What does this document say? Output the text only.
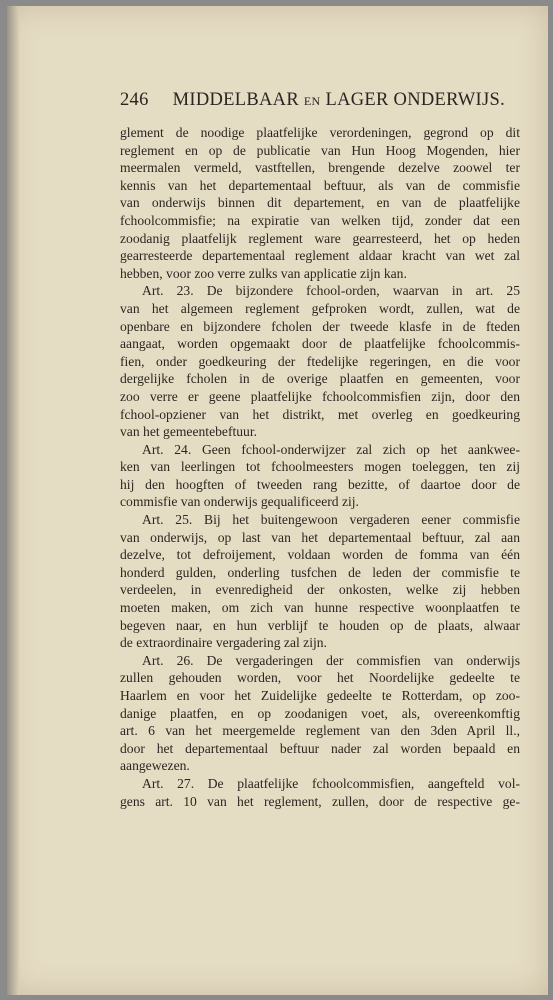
246 MIDDELBAAR EN LAGER ONDERWIJS.
glement de noodige plaatfelijke verordeningen, gegrond op dit
reglement en op de publicatie van Hun Hoog Mogenden, hier
meermalen vermeld, vastftellen, brengende dezelve zoowel ter
kennis van het departementaal beftuur, als van de commisfie
van onderwijs binnen dit departement, en van de plaatfelijke
fchoolcommisfie; na expiratie van welken tijd, zonder dat een
zoodanig plaatfelijk reglement ware gearresteerd, het op heden
gearresteerde departementaal reglement aldaar kracht van wet zal
hebben, voor zoo verre zulks van applicatie zijn kan.
Art. 23. De bijzondere fchool-orden, waarvan in art. 25
van het algemeen reglement gefproken wordt, zullen, wat de
openbare en bijzondere fcholen der tweede klasfe in de fteden
aangaat, worden opgemaakt door de plaatfelijke fchoolcommis-
fien, onder goedkeuring der ftedelijke regeringen, en die voor
dergelijke fcholen in de overige plaatfen en gemeenten, voor
zoo verre er geene plaatfelijke fchoolcommisfien zijn, door den
fchool-opziener van het distrikt, met overleg en goedkeuring
van het gemeentebeftuur.
Art. 24. Geen fchool-onderwijzer zal zich op het aankwee-
ken van leerlingen tot fchoolmeesters mogen toeleggen, ten zij
hij den hoogften of tweeden rang bezitte, of daartoe door de
commisfie van onderwijs gequalificeerd zij.
Art. 25. Bij het buitengewoon vergaderen eener commisfie
van onderwijs, op last van het departementaal beftuur, zal aan
dezelve, tot defroijement, voldaan worden de fomma van één
honderd gulden, onderling tusfchen de leden der commisfie te
verdeelen, in evenredigheid der onkosten, welke zij hebben
moeten maken, om zich van hunne respective woonplaatfen te
begeven naar, en hun verblijf te houden op de plaats, alwaar
de extraordinaire vergadering zal zijn.
Art. 26. De vergaderingen der commisfien van onderwijs
zullen gehouden worden, voor het Noordelijke gedeelte te
Haarlem en voor het Zuidelijke gedeelte te Rotterdam, op zoo-
danige plaatfen, en op zoodanigen voet, als, overeenkomftig
art. 6 van het meergemelde reglement van den 3den April ll.,
door het departementaal beftuur nader zal worden bepaald en
aangewezen.
Art. 27. De plaatfelijke fchoolcommisfien, aangefteld vol-
gens art. 10 van het reglement, zullen, door de respective ge-
